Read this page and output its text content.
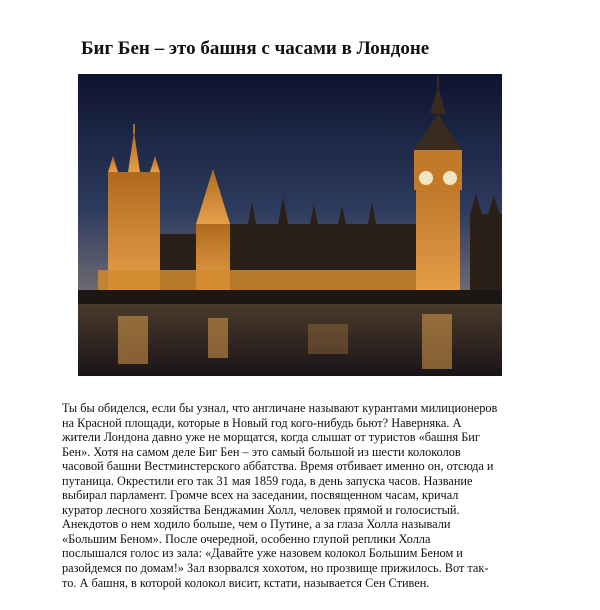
Биг Бен – это башня с часами в Лондоне
Ты бы обиделся, если бы узнал, что англичане называют курантами милиционеров
на Красной площади, которые в Новый год кого-нибудь бьют? Наверняка. А
жители Лондона давно уже не морщатся, когда слышат от туристов «башня Биг
Бен». Хотя на самом деле Биг Бен – это самый большой из шести колоколов
часовой башни Вестминстерского аббатства. Время отбивает именно он, отсюда и
путаница. Окрестили его так 31 мая 1859 года, в день запуска часов. Название
выбирал парламент. Громче всех на заседании, посвященном часам, кричал
куратор лесного хозяйства Бенджамин Холл, человек прямой и голосистый.
Анекдотов о нем ходило больше, чем о Путине, а за глаза Холла называли
«Большим Беном». После очередной, особенно глупой реплики Холла
послышался голос из зала: «Давайте уже назовем колокол Большим Беном и
разойдемся по домам!» Зал взорвался хохотом, но прозвище прижилось. Вот так-
то. А башня, в которой колокол висит, кстати, называется Сен Стивен.
